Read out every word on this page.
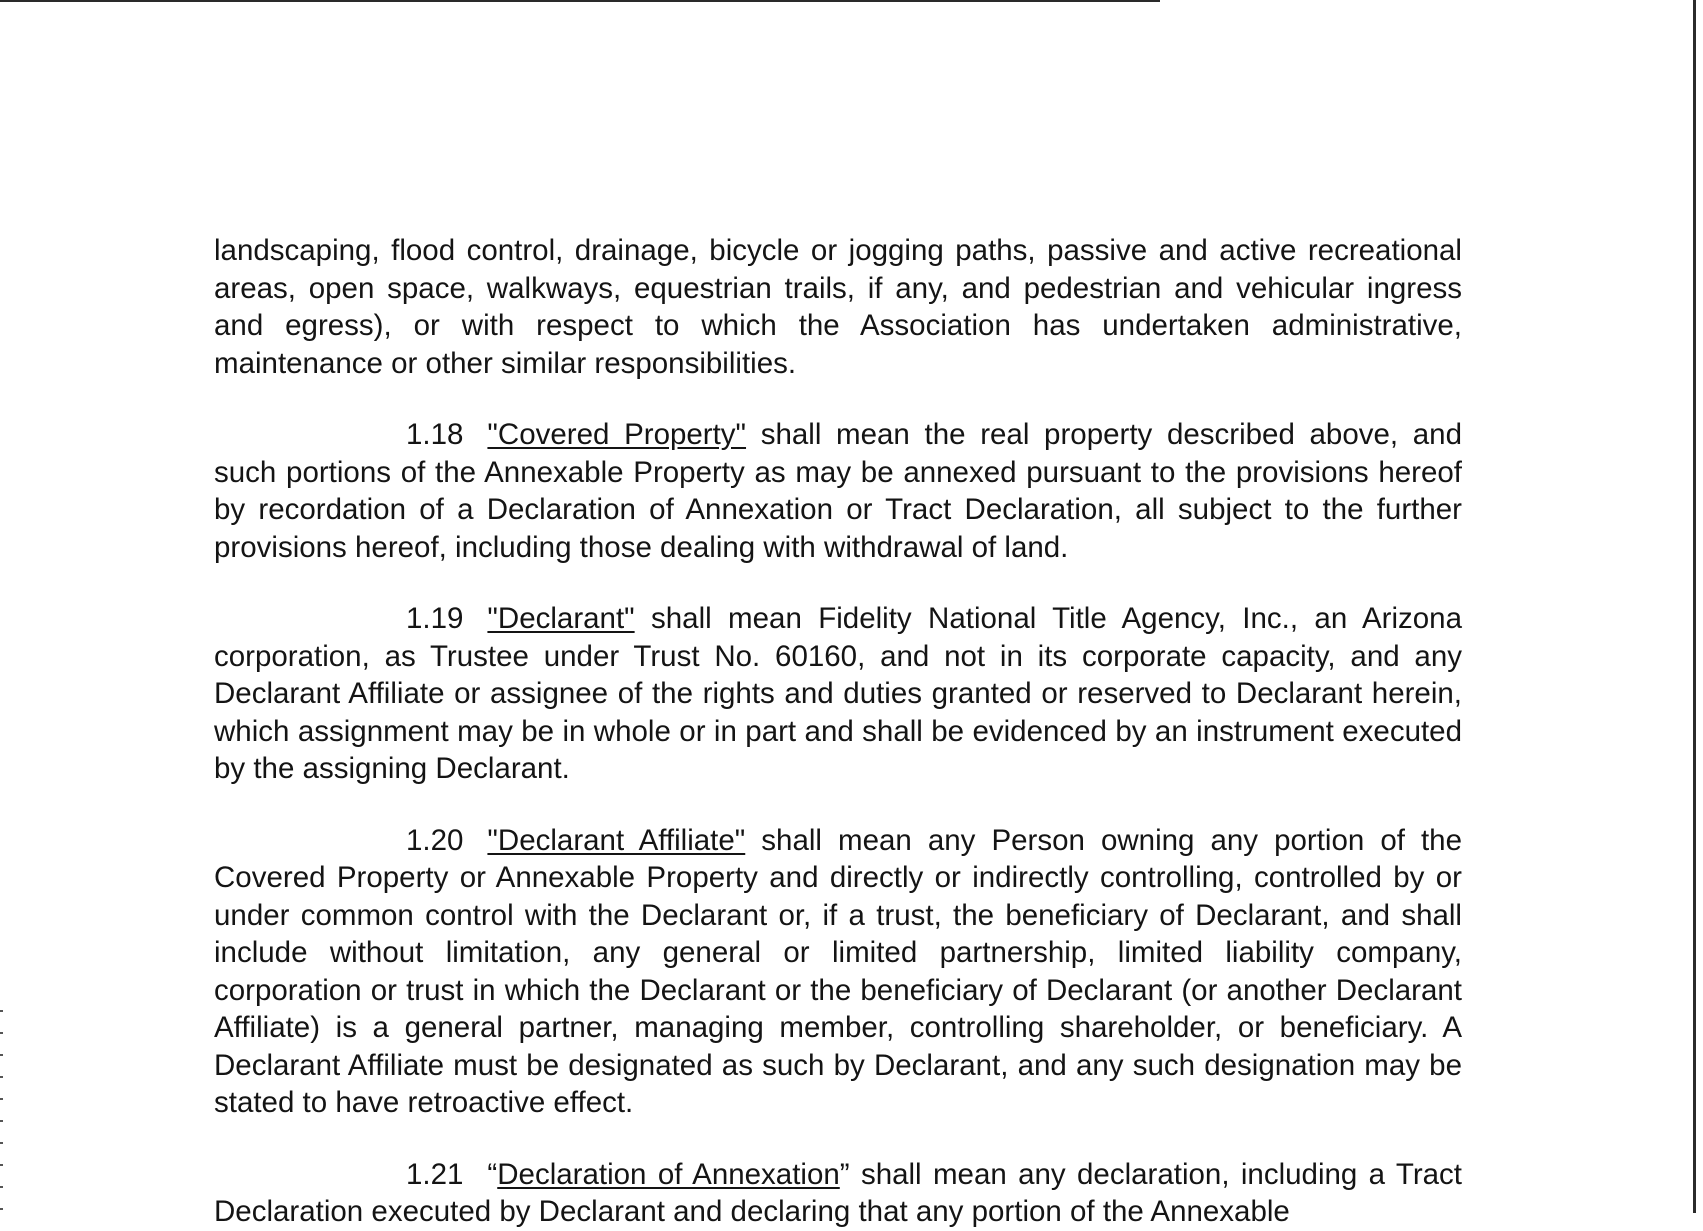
landscaping, flood control, drainage, bicycle or jogging paths, passive and active recreational areas, open space, walkways, equestrian trails, if any, and pedestrian and vehicular ingress and egress), or with respect to which the Association has undertaken administrative, maintenance or other similar responsibilities.

1.18 "Covered Property" shall mean the real property described above, and such portions of the Annexable Property as may be annexed pursuant to the provisions hereof by recordation of a Declaration of Annexation or Tract Declaration, all subject to the further provisions hereof, including those dealing with withdrawal of land.

1.19 "Declarant" shall mean Fidelity National Title Agency, Inc., an Arizona corporation, as Trustee under Trust No. 60160, and not in its corporate capacity, and any Declarant Affiliate or assignee of the rights and duties granted or reserved to Declarant herein, which assignment may be in whole or in part and shall be evidenced by an instrument executed by the assigning Declarant.

1.20 "Declarant Affiliate" shall mean any Person owning any portion of the Covered Property or Annexable Property and directly or indirectly controlling, controlled by or under common control with the Declarant or, if a trust, the beneficiary of Declarant, and shall include without limitation, any general or limited partnership, limited liability company, corporation or trust in which the Declarant or the beneficiary of Declarant (or another Declarant Affiliate) is a general partner, managing member, controlling shareholder, or beneficiary. A Declarant Affiliate must be designated as such by Declarant, and any such designation may be stated to have retroactive effect.

1.21 “Declaration of Annexation” shall mean any declaration, including a Tract Declaration executed by Declarant and declaring that any portion of the Annexable
